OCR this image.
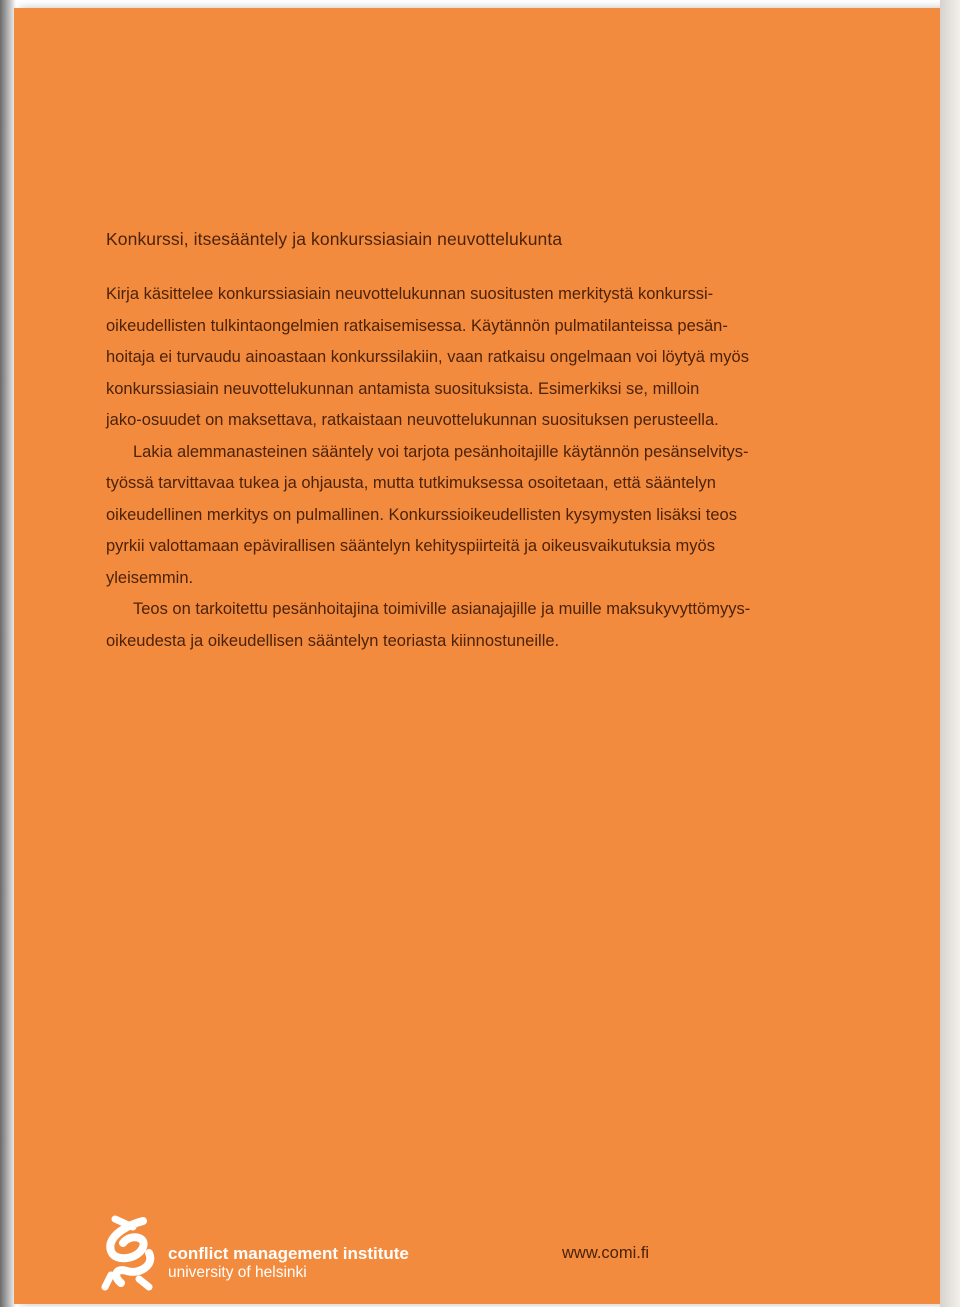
Konkurssi, itsesääntely ja konkurssiasiain neuvottelukunta
Kirja käsittelee konkurssiasiain neuvottelukunnan suositusten merkitystä konkurssi-
oikeudellisten tulkintaongelmien ratkaisemisessa. Käytännön pulmatilanteissa pesän-
hoitaja ei turvaudu ainoastaan konkurssilakiin, vaan ratkaisu ongelmaan voi löytyä myös
konkurssiasiain neuvottelukunnan antamista suosituksista. Esimerkiksi se, milloin
jako-osuudet on maksettava, ratkaistaan neuvottelukunnan suosituksen perusteella.
Lakia alemmanasteinen sääntely voi tarjota pesänhoitajille käytännön pesänselvitys-
työssä tarvittavaa tukea ja ohjausta, mutta tutkimuksessa osoitetaan, että sääntelyn
oikeudellinen merkitys on pulmallinen. Konkurssioikeudellisten kysymysten lisäksi teos
pyrkii valottamaan epävirallisen sääntelyn kehityspiirteitä ja oikeusvaikutuksia myös
yleisemmin.
Teos on tarkoitettu pesänhoitajina toimiville asianajajille ja muille maksukyvyttömyys-
oikeudesta ja oikeudellisen sääntelyn teoriasta kiinnostuneille.
conflict management institute
university of helsinki
www.comi.fi
